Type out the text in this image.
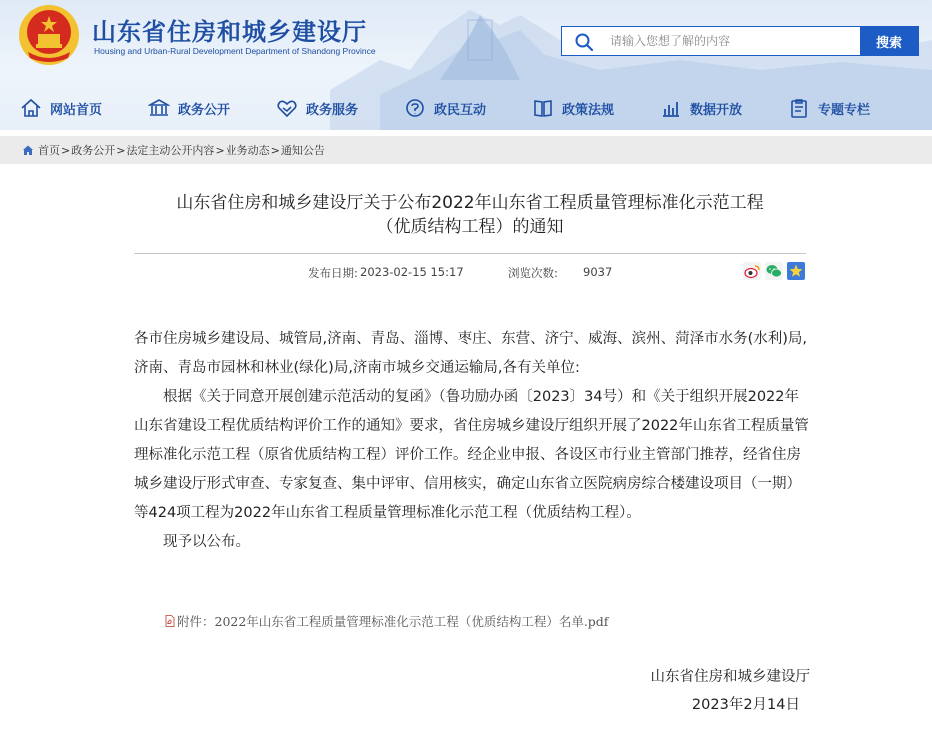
山东省住房和城乡建设厅
Housing and Urban-Rural Development Department of Shandong Province
请输入您想了解的内容
搜索
网站首页	政务公开	政务服务	政民互动	政策法规	数据开放	专题专栏
首页 > 政务公开 > 法定主动公开内容 > 业务动态 > 通知公告
山东省住房和城乡建设厅关于公布2022年山东省工程质量管理标准化示范工程
（优质结构工程）的通知
发布日期: 2023-02-15 15:17	浏览次数: 9037

各市住房城乡建设局、城管局,济南、青岛、淄博、枣庄、东营、济宁、威海、滨州、菏泽市水务(水利)局,济南、青岛市园林和林业(绿化)局,济南市城乡交通运输局,各有关单位:

根据《关于同意开展创建示范活动的复函》（鲁功励办函〔2023〕34号）和《关于组织开展2022年山东省建设工程优质结构评价工作的通知》要求，省住房城乡建设厅组织开展了2022年山东省工程质量管理标准化示范工程（原省优质结构工程）评价工作。经企业申报、各设区市行业主管部门推荐，经省住房城乡建设厅形式审查、专家复查、集中评审、信用核实，确定山东省立医院病房综合楼建设项目（一期）等424项工程为2022年山东省工程质量管理标准化示范工程（优质结构工程）。

现予以公布。

附件：2022年山东省工程质量管理标准化示范工程（优质结构工程）名单.pdf
山东省住房和城乡建设厅
2023年2月14日
